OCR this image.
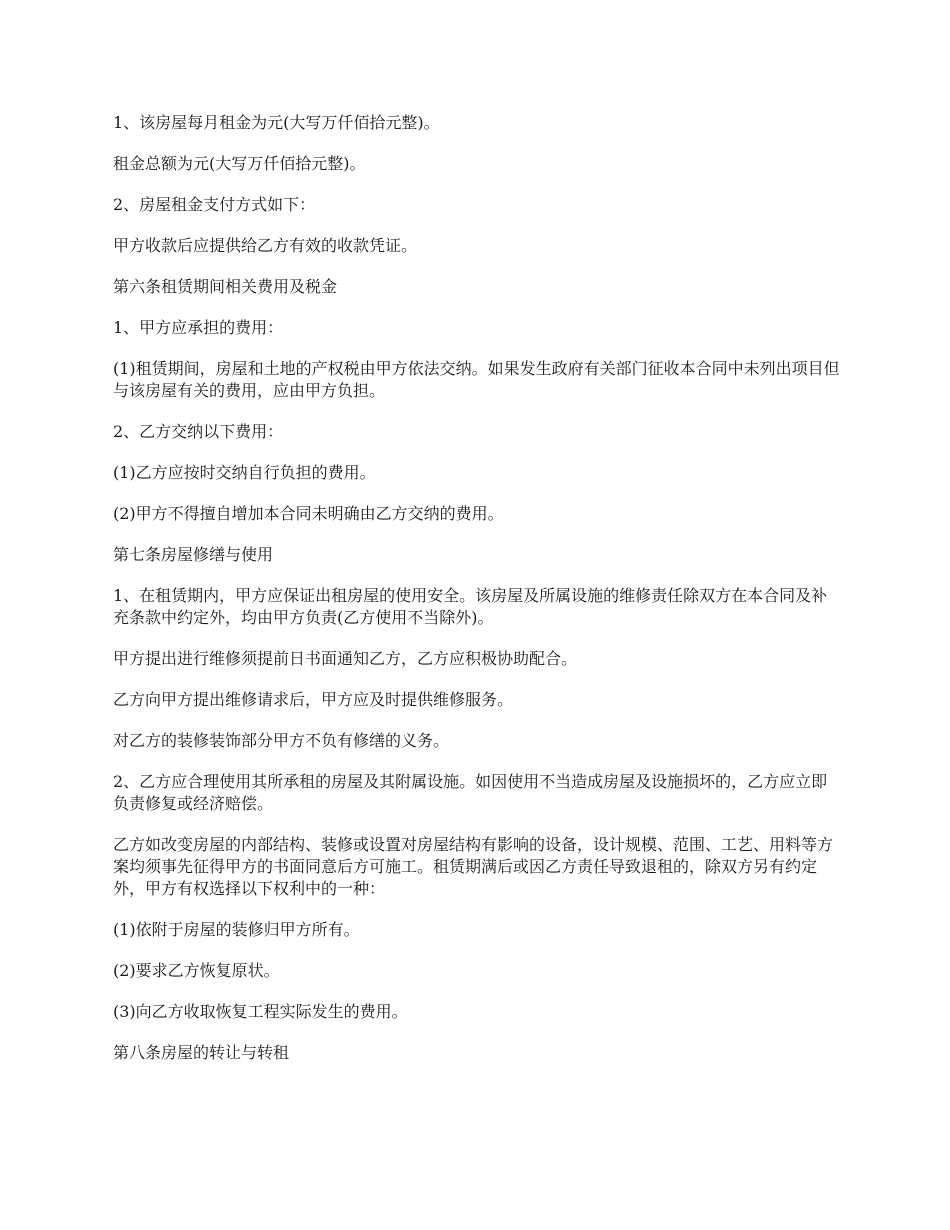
1、该房屋每月租金为元(大写万仟佰拾元整)。

租金总额为元(大写万仟佰拾元整)。

2、房屋租金支付方式如下：

甲方收款后应提供给乙方有效的收款凭证。

第六条租赁期间相关费用及税金

1、甲方应承担的费用：

(1)租赁期间，房屋和土地的产权税由甲方依法交纳。如果发生政府有关部门征收本合同中未列出项目但与该房屋有关的费用，应由甲方负担。

2、乙方交纳以下费用：

(1)乙方应按时交纳自行负担的费用。

(2)甲方不得擅自增加本合同未明确由乙方交纳的费用。

第七条房屋修缮与使用

1、在租赁期内，甲方应保证出租房屋的使用安全。该房屋及所属设施的维修责任除双方在本合同及补充条款中约定外，均由甲方负责(乙方使用不当除外)。

甲方提出进行维修须提前日书面通知乙方，乙方应积极协助配合。

乙方向甲方提出维修请求后，甲方应及时提供维修服务。

对乙方的装修装饰部分甲方不负有修缮的义务。

2、乙方应合理使用其所承租的房屋及其附属设施。如因使用不当造成房屋及设施损坏的，乙方应立即负责修复或经济赔偿。

乙方如改变房屋的内部结构、装修或设置对房屋结构有影响的设备，设计规模、范围、工艺、用料等方案均须事先征得甲方的书面同意后方可施工。租赁期满后或因乙方责任导致退租的，除双方另有约定外，甲方有权选择以下权利中的一种：

(1)依附于房屋的装修归甲方所有。

(2)要求乙方恢复原状。

(3)向乙方收取恢复工程实际发生的费用。

第八条房屋的转让与转租
